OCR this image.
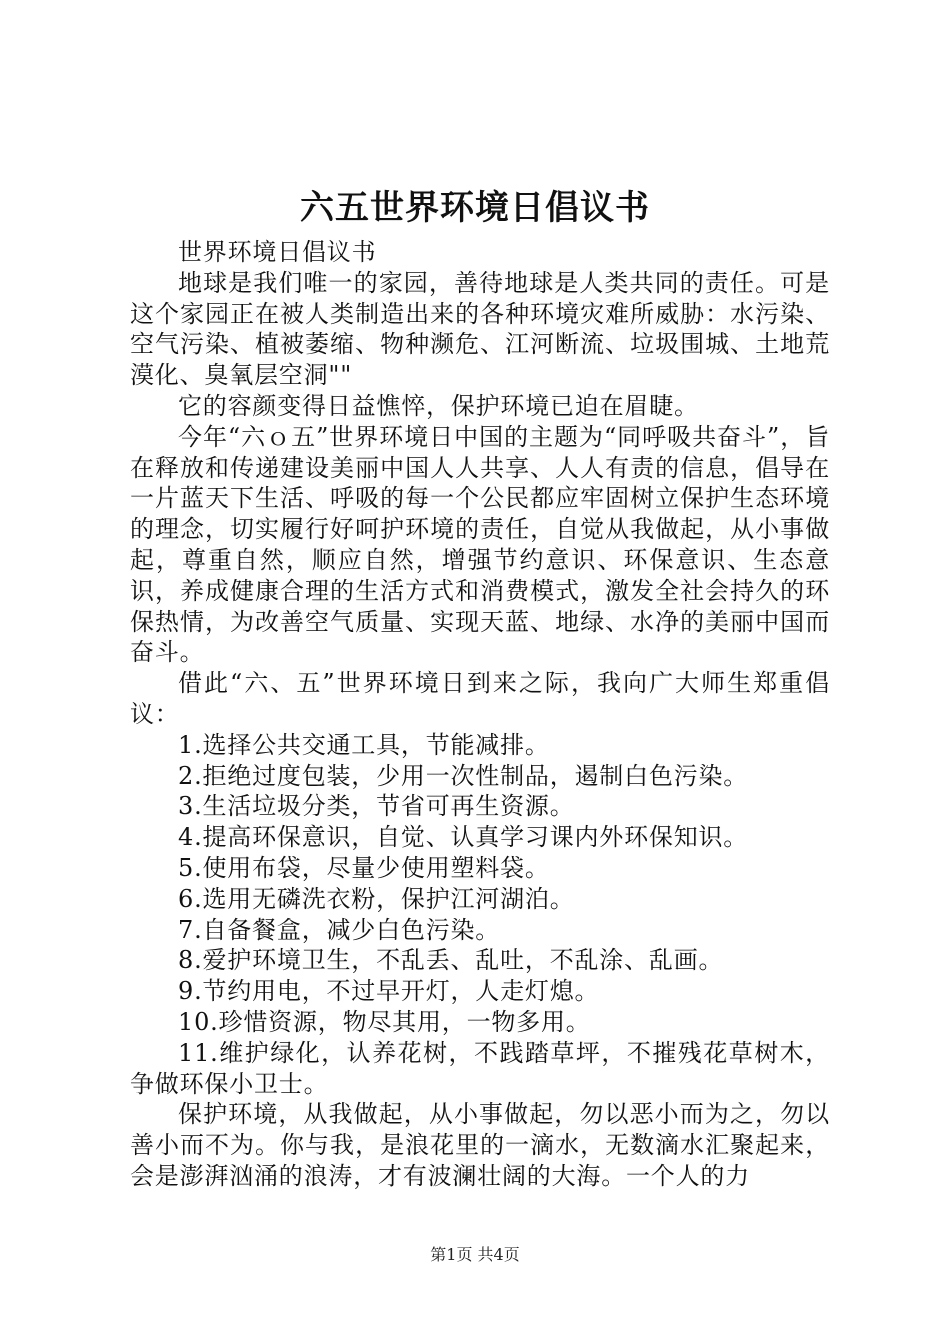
六五世界环境日倡议书

世界环境日倡议书

地球是我们唯一的家园，善待地球是人类共同的责任。可是这个家园正在被人类制造出来的各种环境灾难所威胁：水污染、空气污染、植被萎缩、物种濒危、江河断流、垃圾围城、土地荒漠化、臭氧层空洞""

它的容颜变得日益憔悴，保护环境已迫在眉睫。

今年“六ｏ五”世界环境日中国的主题为“同呼吸共奋斗”，旨在释放和传递建设美丽中国人人共享、人人有责的信息，倡导在一片蓝天下生活、呼吸的每一个公民都应牢固树立保护生态环境的理念，切实履行好呵护环境的责任，自觉从我做起，从小事做起，尊重自然，顺应自然，增强节约意识、环保意识、生态意识，养成健康合理的生活方式和消费模式，激发全社会持久的环保热情，为改善空气质量、实现天蓝、地绿、水净的美丽中国而奋斗。

借此“六、五”世界环境日到来之际，我向广大师生郑重倡议：

1.选择公共交通工具，节能减排。

2.拒绝过度包装，少用一次性制品，遏制白色污染。

3.生活垃圾分类，节省可再生资源。

4.提高环保意识，自觉、认真学习课内外环保知识。

5.使用布袋，尽量少使用塑料袋。

6.选用无磷洗衣粉，保护江河湖泊。

7.自备餐盒，减少白色污染。

8.爱护环境卫生，不乱丢、乱吐，不乱涂、乱画。

9.节约用电，不过早开灯，人走灯熄。

10.珍惜资源，物尽其用，一物多用。

11.维护绿化，认养花树，不践踏草坪，不摧残花草树木，争做环保小卫士。

保护环境，从我做起，从小事做起，勿以恶小而为之，勿以善小而不为。你与我，是浪花里的一滴水，无数滴水汇聚起来，会是澎湃汹涌的浪涛，才有波澜壮阔的大海。一个人的力

第1页 共4页
